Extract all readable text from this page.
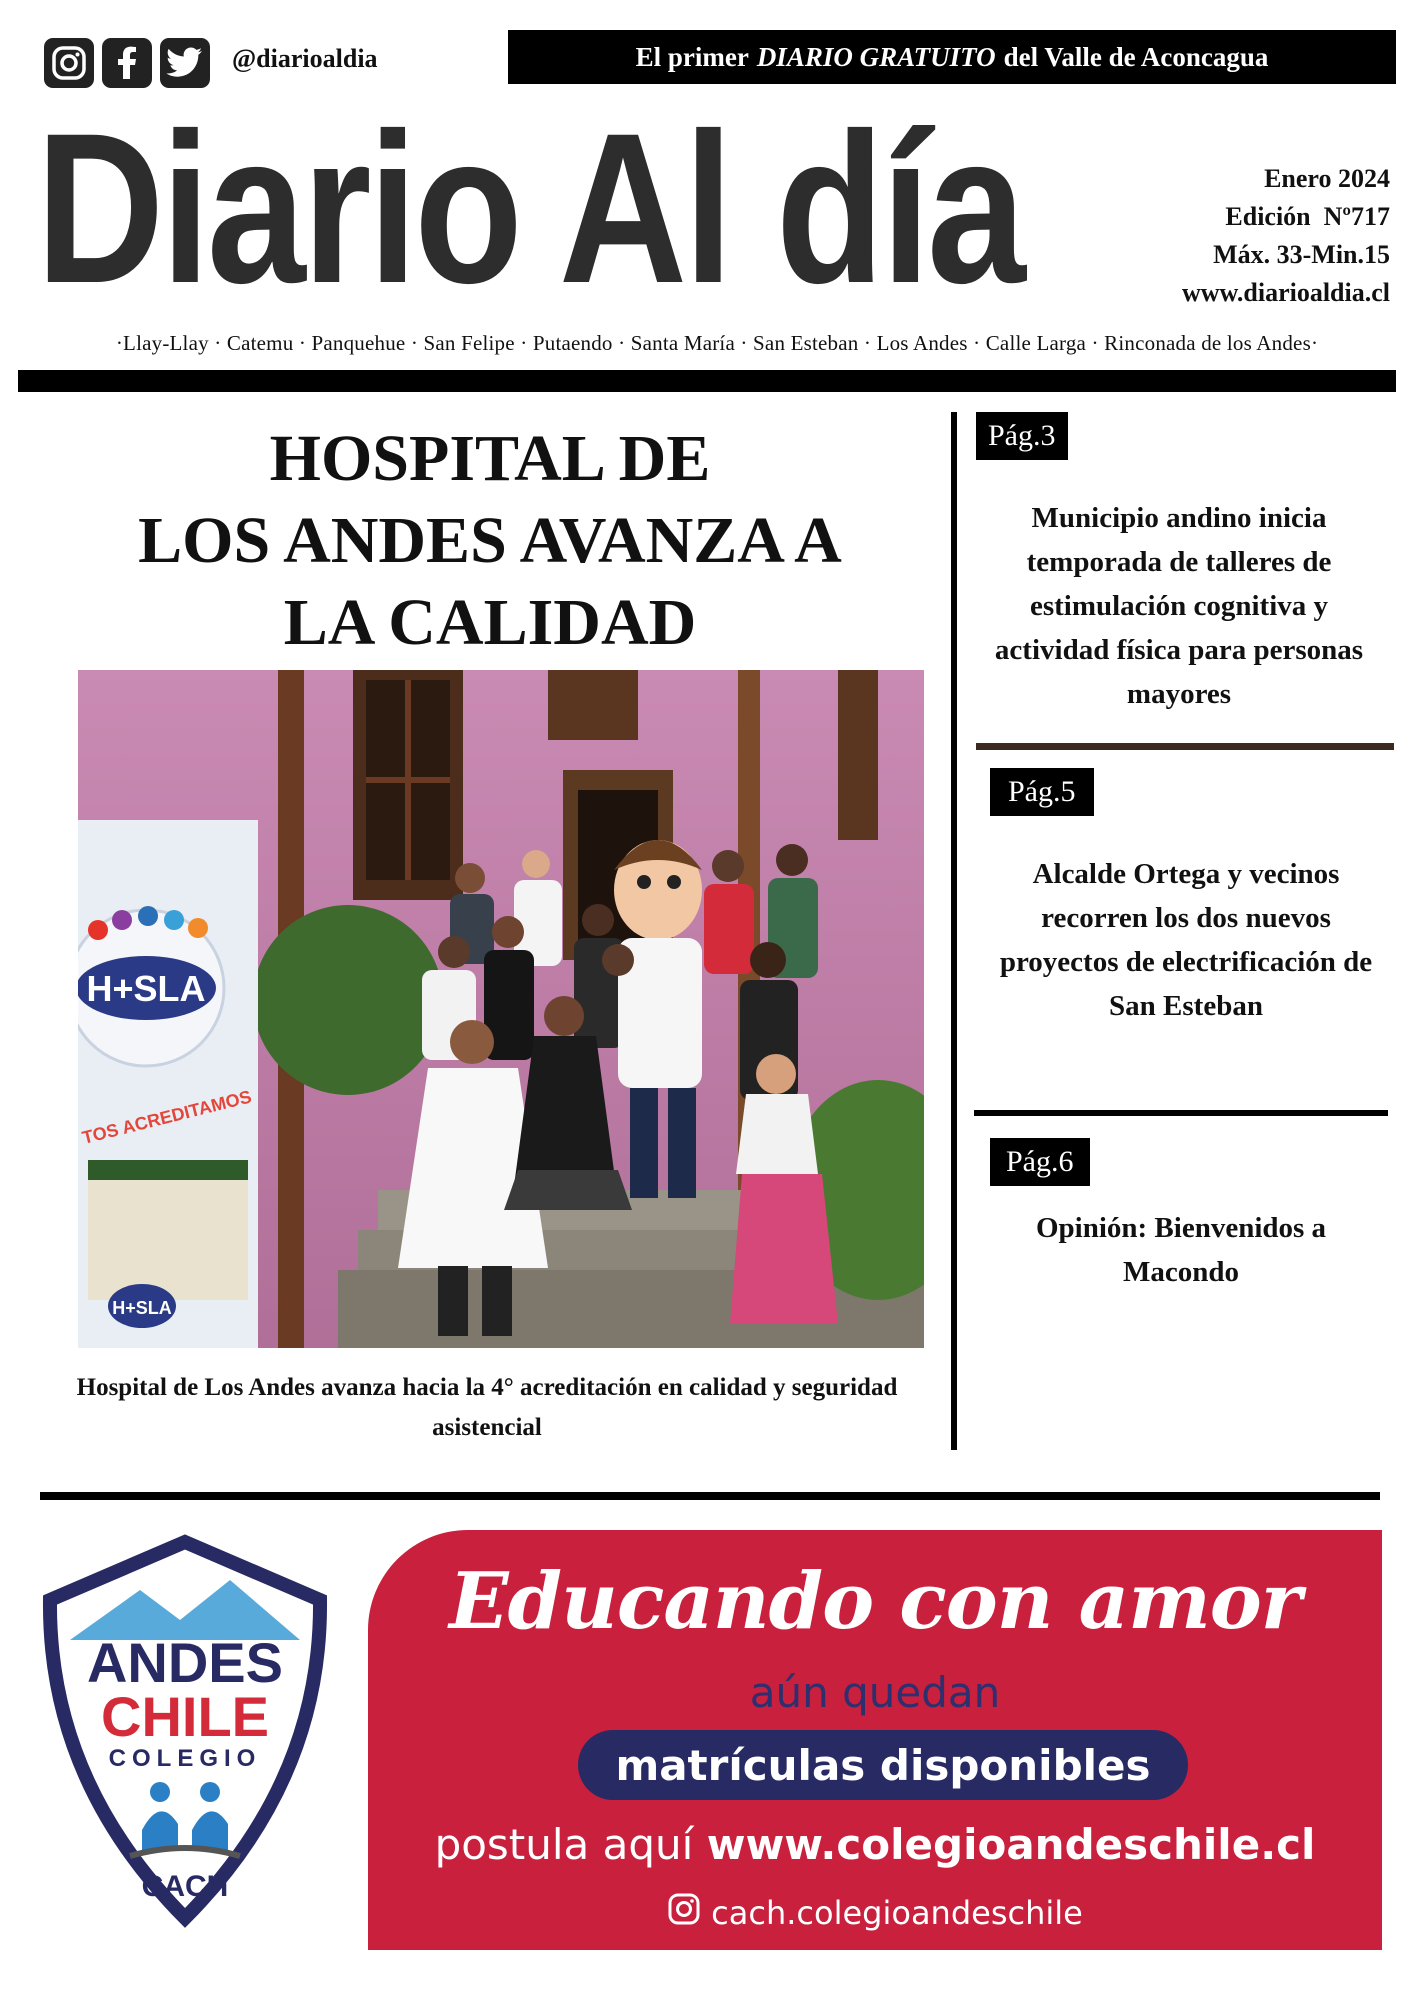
@diarioaldia	El primer DIARIO GRATUITO del Valle de Aconcagua
Diario Al día	Enero 2024
Edición  Nº717
Máx. 33-Min.15
www.diarioaldia.cl
·Llay-Llay · Catemu · Panquehue · San Felipe · Putaendo · Santa María · San Esteban · Los Andes · Calle Larga · Rinconada de los Andes·
HOSPITAL DE
LOS ANDES AVANZA A
LA CALIDAD
H+SLA
TOS ACREDITAMOS
H+SLA
Hospital de Los Andes avanza hacia la 4° acreditación en calidad y seguridad asistencial
Pág.3
Municipio andino inicia temporada de talleres de estimulación cognitiva y actividad física para personas mayores
Pág.5
Alcalde Ortega y vecinos recorren los dos nuevos proyectos de electrificación de San Esteban
Pág.6
Opinión: Bienvenidos a Macondo
ANDES
CHILE
COLEGIO
CACH
Educando con amor
aún quedan
matrículas disponibles
postula aquí www.colegioandeschile.cl
cach.colegioandeschile
